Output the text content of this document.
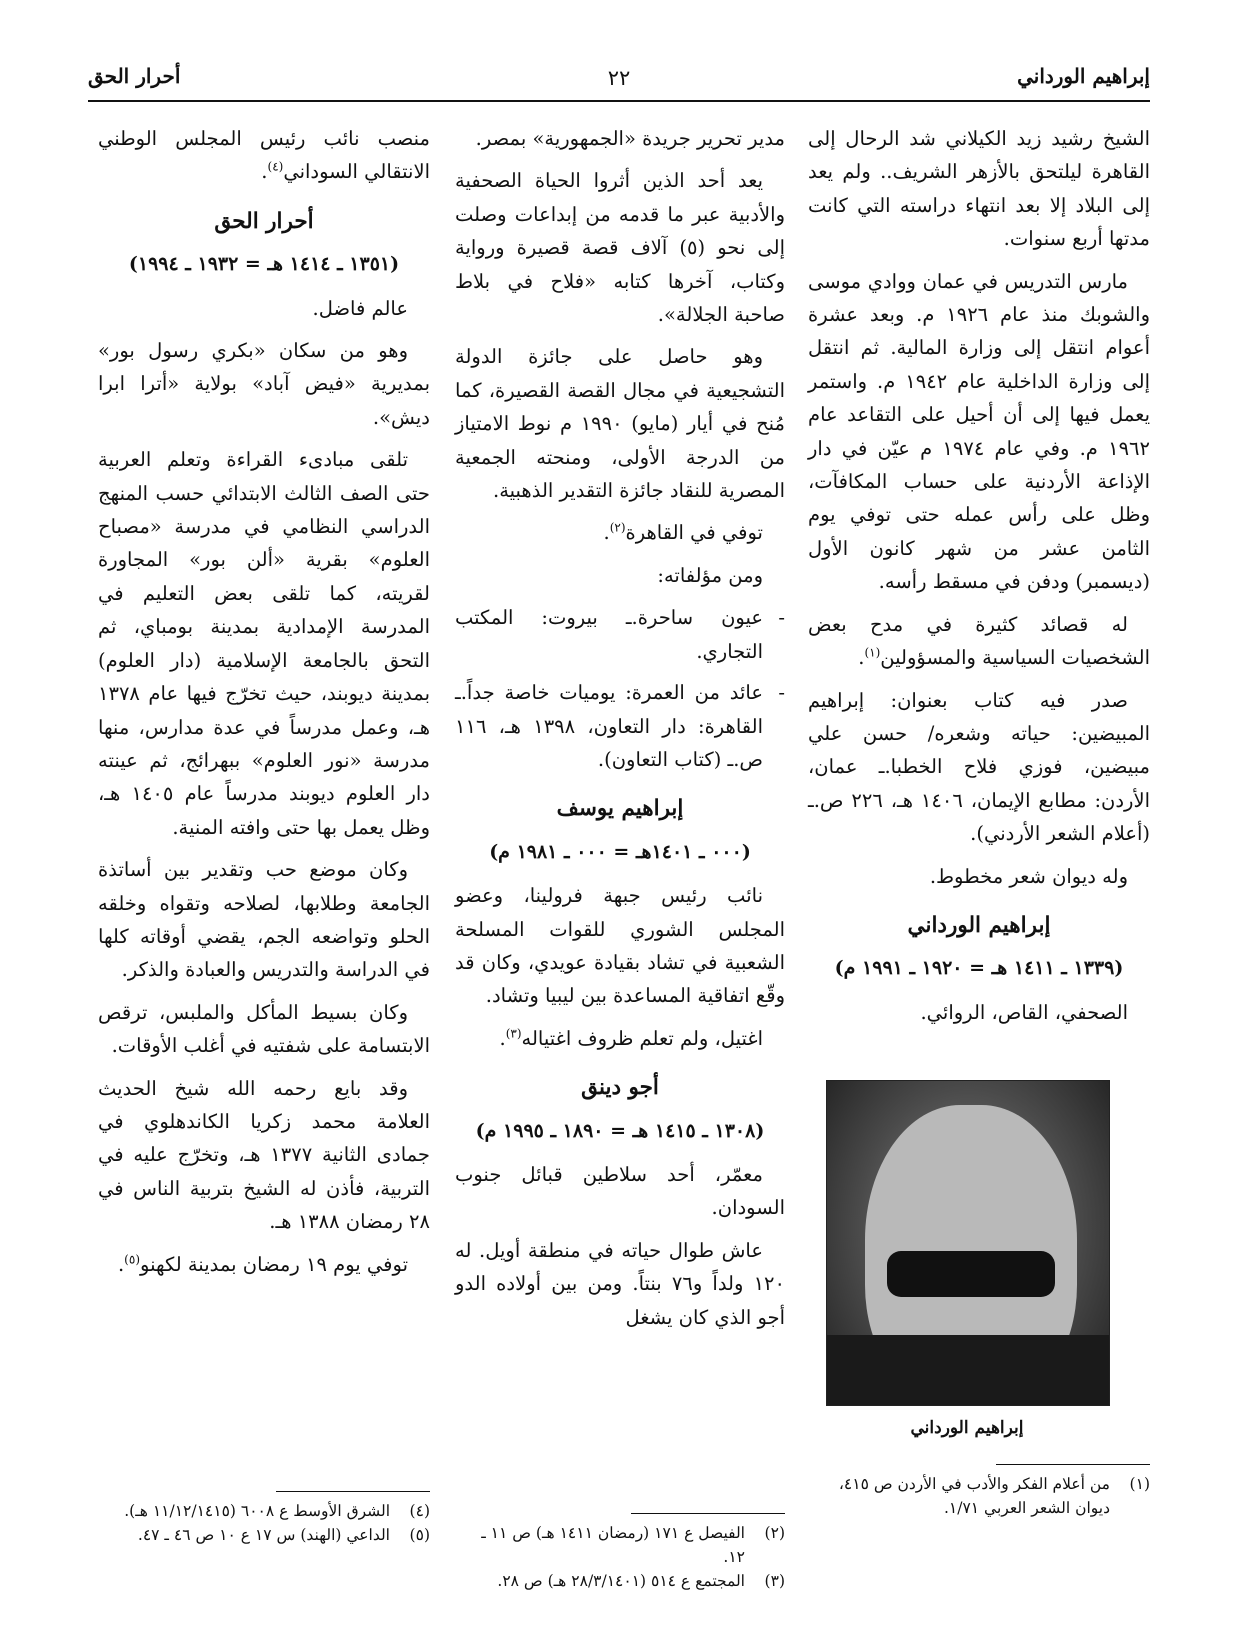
إبراهيم الورداني
٢٢
أحرار الحق

الشيخ رشيد زيد الكيلاني شد الرحال إلى القاهرة ليلتحق بالأزهر الشريف.. ولم يعد إلى البلاد إلا بعد انتهاء دراسته التي كانت مدتها أربع سنوات.

مارس التدريس في عمان ووادي موسى والشوبك منذ عام ١٩٢٦ م. وبعد عشرة أعوام انتقل إلى وزارة المالية. ثم انتقل إلى وزارة الداخلية عام ١٩٤٢ م. واستمر يعمل فيها إلى أن أحيل على التقاعد عام ١٩٦٢ م. وفي عام ١٩٧٤ م عيّن في دار الإذاعة الأردنية على حساب المكافآت، وظل على رأس عمله حتى توفي يوم الثامن عشر من شهر كانون الأول (ديسمبر) ودفن في مسقط رأسه.

له قصائد كثيرة في مدح بعض الشخصيات السياسية والمسؤولين$^{(١)}$.

صدر فيه كتاب بعنوان: إبراهيم المبيضين: حياته وشعره/ حسن علي مبيضين، فوزي فلاح الخطبا.ـ عمان، الأردن: مطابع الإيمان، ١٤٠٦ هـ، ٢٢٦ ص.ـ (أعلام الشعر الأردني).

وله ديوان شعر مخطوط.

إبراهيم الورداني
(١٣٣٩ ـ ١٤١١ هـ = ١٩٢٠ ـ ١٩٩١ م)

الصحفي، القاص، الروائي.

إبراهيم الورداني

مدير تحرير جريدة «الجمهورية» بمصر.

يعد أحد الذين أثروا الحياة الصحفية والأدبية عبر ما قدمه من إبداعات وصلت إلى نحو (٥) آلاف قصة قصيرة ورواية وكتاب، آخرها كتابه «فلاح في بلاط صاحبة الجلالة».

وهو حاصل على جائزة الدولة التشجيعية في مجال القصة القصيرة، كما مُنح في أيار (مايو) ١٩٩٠ م نوط الامتياز من الدرجة الأولى، ومنحته الجمعية المصرية للنقاد جائزة التقدير الذهبية.

توفي في القاهرة$^{(٢)}$.

ومن مؤلفاته:

-
عيون ساحرة.ـ بيروت: المكتب التجاري.
-
عائد من العمرة: يوميات خاصة جداً.ـ القاهرة: دار التعاون، ١٣٩٨ هـ، ١١٦ ص.ـ (كتاب التعاون).
إبراهيم يوسف
(٠٠٠ ـ ١٤٠١هـ = ٠٠٠ ـ ١٩٨١ م)

نائب رئيس جبهة فرولينا، وعضو المجلس الشوري للقوات المسلحة الشعبية في تشاد بقيادة عويدي، وكان قد وقّع اتفاقية المساعدة بين ليبيا وتشاد.

اغتيل، ولم تعلم ظروف اغتياله$^{(٣)}$.

أجو دينق
(١٣٠٨ ـ ١٤١٥ هـ = ١٨٩٠ ـ ١٩٩٥ م)

معمّر، أحد سلاطين قبائل جنوب السودان.

عاش طوال حياته في منطقة أويل. له ١٢٠ ولداً و٧٦ بنتاً. ومن بين أولاده الدو أجو الذي كان يشغل

منصب نائب رئيس المجلس الوطني الانتقالي السوداني$^{(٤)}$.

أحرار الحق
(١٣٥١ ـ ١٤١٤ هـ = ١٩٣٢ ـ ١٩٩٤)

عالم فاضل.

وهو من سكان «بكري رسول بور» بمديرية «فيض آباد» بولاية «أترا ابرا ديش».

تلقى مبادىء القراءة وتعلم العربية حتى الصف الثالث الابتدائي حسب المنهج الدراسي النظامي في مدرسة «مصباح العلوم» بقرية «ألن بور» المجاورة لقريته، كما تلقى بعض التعليم في المدرسة الإمدادية بمدينة بومباي، ثم التحق بالجامعة الإسلامية (دار العلوم) بمدينة ديوبند، حيث تخرّج فيها عام ١٣٧٨ هـ، وعمل مدرساً في عدة مدارس، منها مدرسة «نور العلوم» ببهرائج، ثم عينته دار العلوم ديوبند مدرساً عام ١٤٠٥ هـ، وظل يعمل بها حتى وافته المنية.

وكان موضع حب وتقدير بين أساتذة الجامعة وطلابها، لصلاحه وتقواه وخلقه الحلو وتواضعه الجم، يقضي أوقاته كلها في الدراسة والتدريس والعبادة والذكر.

وكان بسيط المأكل والملبس، ترقص الابتسامة على شفتيه في أغلب الأوقات.

وقد بايع رحمه الله شيخ الحديث العلامة محمد زكريا الكاندهلوي في جمادى الثانية ١٣٧٧ هـ، وتخرّج عليه في التربية، فأذن له الشيخ بتربية الناس في ٢٨ رمضان ١٣٨٨ هـ.

توفي يوم ١٩ رمضان بمدينة لكهنو$^{(٥)}$.

(١)
من أعلام الفكر والأدب في الأردن ص ٤١٥، ديوان الشعر العربي ١/٧١.

(٢)
الفيصل ع ١٧١ (رمضان ١٤١١ هـ) ص ١١ ـ ١٢.

(٣)
المجتمع ع ٥١٤ (٢٨/٣/١٤٠١ هـ) ص ٢٨.

(٤)
الشرق الأوسط ع ٦٠٠٨ (١١/١٢/١٤١٥ هـ).

(٥)
الداعي (الهند) س ١٧ ع ١٠ ص ٤٦ ـ ٤٧.
